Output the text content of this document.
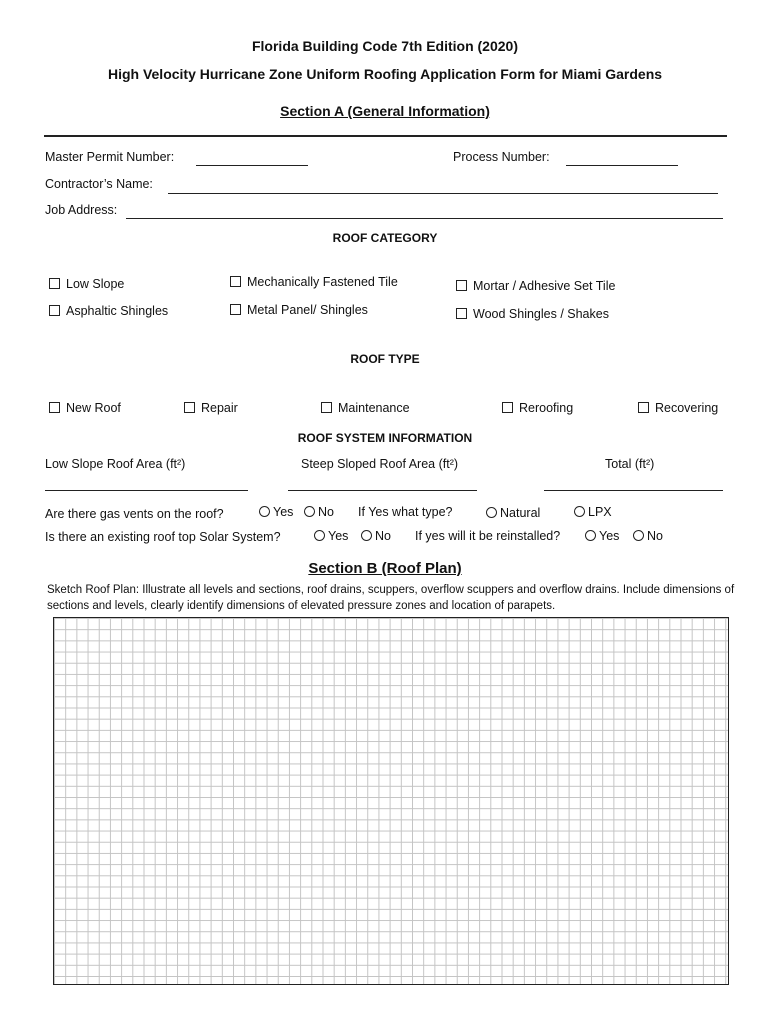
Florida Building Code 7th Edition (2020)
High Velocity Hurricane Zone Uniform Roofing Application Form for Miami Gardens
Section A (General Information)
Master Permit Number:	Process Number:
Contractor’s Name:
Job Address:
ROOF CATEGORY
Low Slope	Mechanically Fastened Tile	Mortar / Adhesive Set Tile
Asphaltic Shingles	Metal Panel/ Shingles	Wood Shingles / Shakes
ROOF TYPE
New Roof	Repair	Maintenance	Reroofing	Recovering
ROOF SYSTEM INFORMATION
Low Slope Roof Area (ft²)	Steep Sloped Roof Area (ft²)	Total (ft²)
Are there gas vents on the roof?	Yes	No If Yes what type?	Natural	LPX
Is there an existing roof top Solar System?	Yes	No If yes will it be reinstalled?	Yes	No
Section B (Roof Plan)
Sketch Roof Plan: Illustrate all levels and sections, roof drains, scuppers, overflow scuppers and overflow drains. Include dimensions of sections and levels, clearly identify dimensions of elevated pressure zones and location of parapets.
